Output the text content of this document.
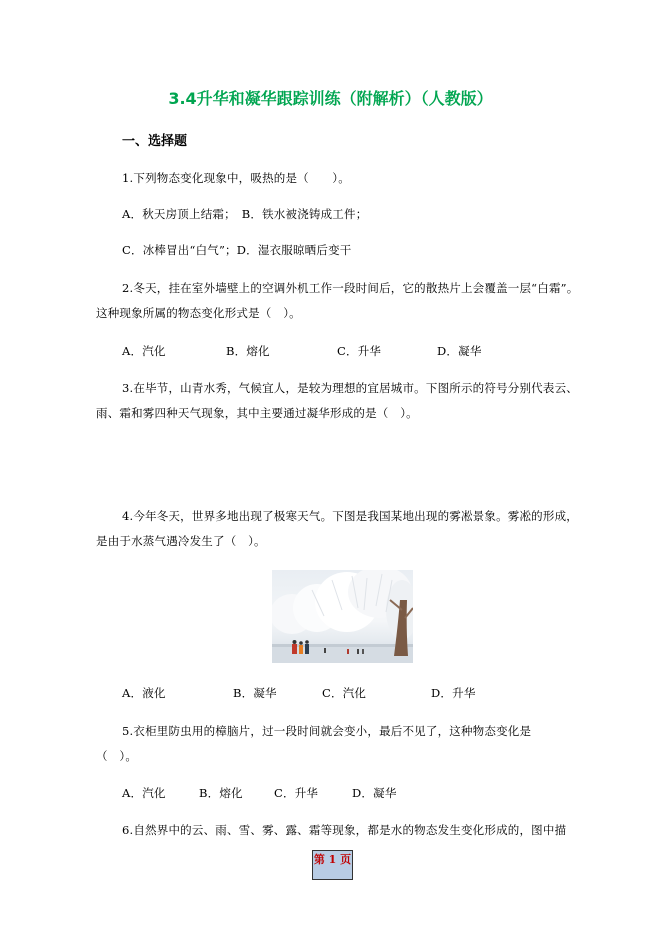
3.4升华和凝华跟踪训练（附解析）（人教版）
一、选择题
1.下列物态变化现象中，吸热的是（　　）。
A．秋天房顶上结霜；　B．铁水被浇铸成工件；
C．冰棒冒出“白气”；D．湿衣服晾晒后变干
2.冬天，挂在室外墙壁上的空调外机工作一段时间后，它的散热片上会覆盖一层“白霜”。
这种现象所属的物态变化形式是（　）。
A．汽化	B．熔化	C．升华	D．凝华
3.在毕节，山青水秀，气候宜人，是较为理想的宜居城市。下图所示的符号分别代表云、
雨、霜和雾四种天气现象，其中主要通过凝华形成的是（　）。
4.今年冬天，世界多地出现了极寒天气。下图是我国某地出现的雾凇景象。雾凇的形成，
是由于水蒸气遇冷发生了（　）。
A．液化	B．凝华	C．汽化	D．升华
5.衣柜里防虫用的樟脑片，过一段时间就会变小，最后不见了，这种物态变化是
（　）。
A．汽化	B．熔化	C．升华	D．凝华
6.自然界中的云、雨、雪、雾、露、霜等现象，都是水的物态发生变化形成的，图中描
第 1 页
